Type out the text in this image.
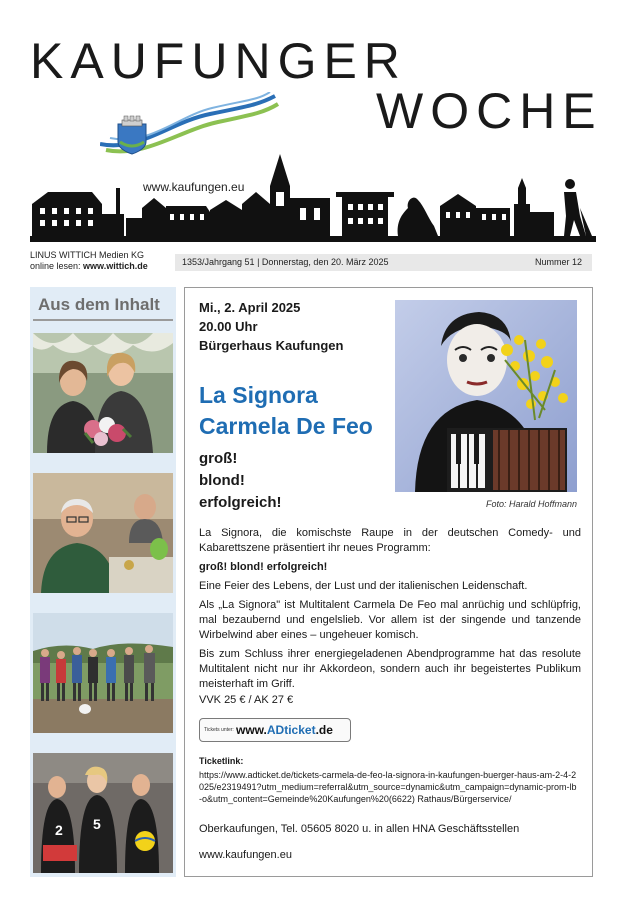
KAUFUNGER
WOCHE
www.kaufungen.eu
LINUS WITTICH Medien KG
online lesen: www.wittich.de	1353/Jahrgang 51 | Donnerstag, den 20. März 2025	Nummer 12
Aus dem Inhalt
2 5
Mi., 2. April 2025
20.00 Uhr
Bürgerhaus Kaufungen
La Signora
Carmela De Feo
groß!
blond!
erfolgreich!	Foto: Harald Hoffmann

La Signora, die komischste Raupe in der deutschen Comedy- und Kabarettszene präsentiert ihr neues Programm:

groß! blond! erfolgreich!

Eine Feier des Lebens, der Lust und der italienischen Leidenschaft.

Als „La Signora" ist Multitalent Carmela De Feo mal anrüchig und schlüpfrig, mal bezaubernd und engelslieb. Vor allem ist der singende und tanzende Wirbelwind aber eines – ungeheuer komisch.

Bis zum Schluss ihrer energiegeladenen Abendprogramme hat das resolute Multitalent nicht nur ihr Akkordeon, sondern auch ihr begeistertes Publikum meisterhaft im Griff.

VVK 25 € / AK 27 €
Tickets unter: www.ADticket.de
Ticketlink:
https://www.adticket.de/tickets-carmela-de-feo-la-signora-in-kaufungen-buerger-haus-am-2-4-2025/e2319491?utm_medium=referral&utm_source=dynamic&utm_campaign=dynamic-prom-lb-o&utm_content=Gemeinde%20Kaufungen%20(6622) Rathaus/Bürgerservice/
Oberkaufungen, Tel. 05605 8020 u. in allen HNA Geschäftsstellen
www.kaufungen.eu
